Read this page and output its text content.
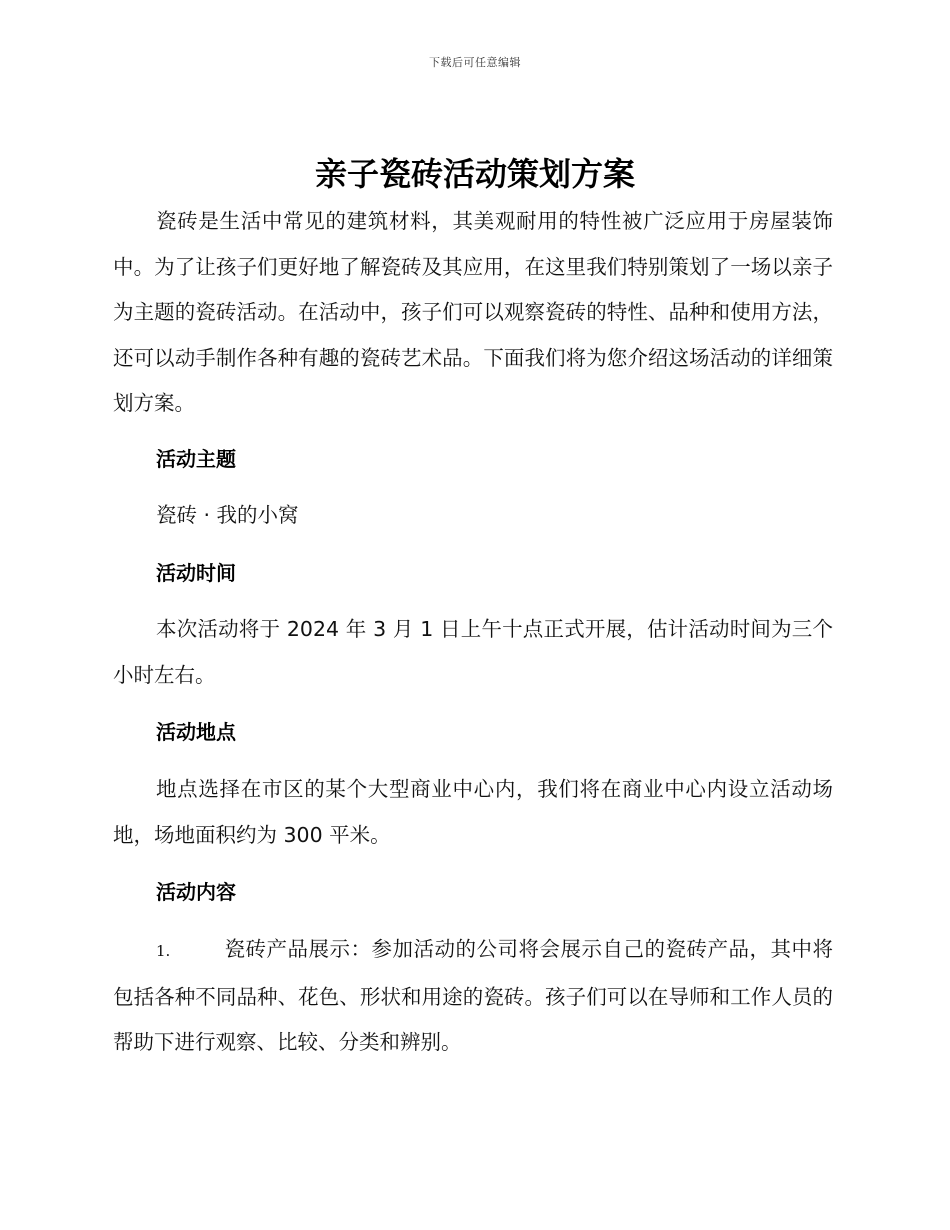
下载后可任意编辑
亲子瓷砖活动策划方案

瓷砖是生活中常见的建筑材料，其美观耐用的特性被广泛应用于房屋装饰中。为了让孩子们更好地了解瓷砖及其应用，在这里我们特别策划了一场以亲子为主题的瓷砖活动。在活动中，孩子们可以观察瓷砖的特性、品种和使用方法，还可以动手制作各种有趣的瓷砖艺术品。下面我们将为您介绍这场活动的详细策划方案。

活动主题

瓷砖 · 我的小窝

活动时间

本次活动将于 2024 年 3 月 1 日上午十点正式开展，估计活动时间为三个小时左右。

活动地点

地点选择在市区的某个大型商业中心内，我们将在商业中心内设立活动场地，场地面积约为 300 平米。

活动内容

1.	瓷砖产品展示：参加活动的公司将会展示自己的瓷砖产品，其中将包括各种不同品种、花色、形状和用途的瓷砖。孩子们可以在导师和工作人员的帮助下进行观察、比较、分类和辨别。
